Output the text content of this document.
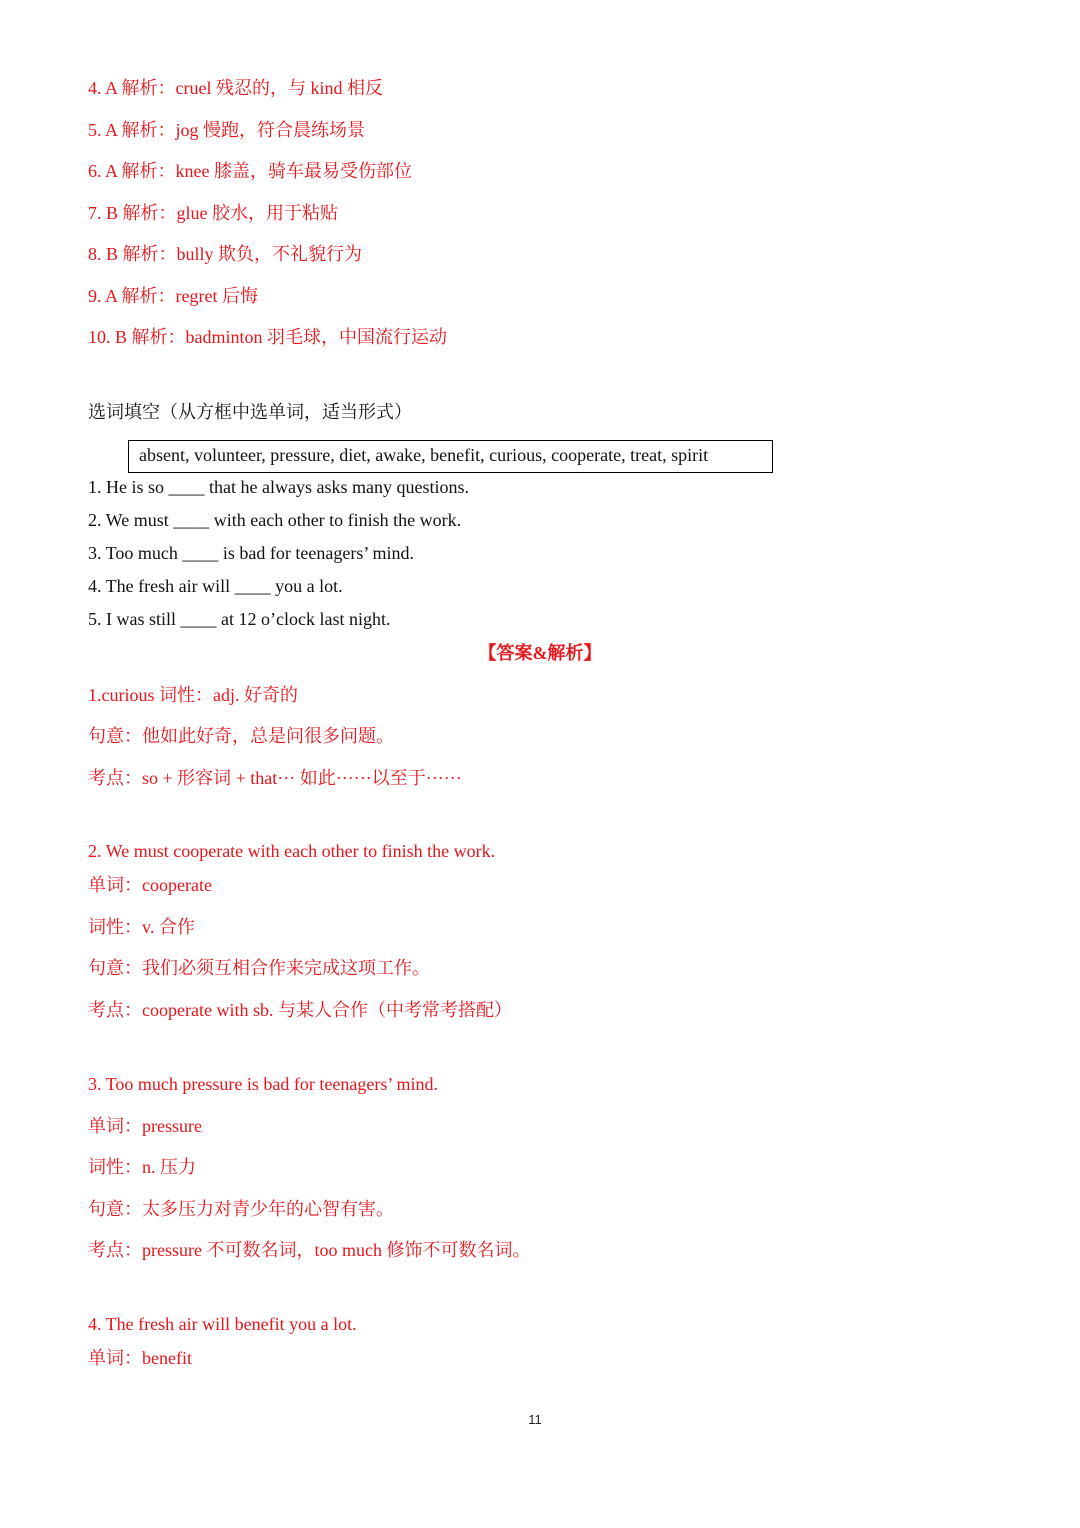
4. A 解析：cruel 残忍的，与 kind 相反
5. A 解析：jog 慢跑，符合晨练场景
6. A 解析：knee 膝盖，骑车最易受伤部位
7. B 解析：glue 胶水，用于粘贴
8. B 解析：bully 欺负，不礼貌行为
9. A 解析：regret 后悔
10. B 解析：badminton 羽毛球，中国流行运动
选词填空（从方框中选单词，适当形式）
absent, volunteer, pressure, diet, awake, benefit, curious, cooperate, treat, spirit
1. He is so ____ that he always asks many questions.
2. We must ____ with each other to finish the work.
3. Too much ____ is bad for teenagers’ mind.
4. The fresh air will ____ you a lot.
5. I was still ____ at 12 o’clock last night.
【答案&解析】
1.curious 词性：adj. 好奇的
句意：他如此好奇，总是问很多问题。
考点：so + 形容词 + that··· 如此······以至于······
2. We must cooperate with each other to finish the work.
单词：cooperate
词性：v. 合作
句意：我们必须互相合作来完成这项工作。
考点：cooperate with sb. 与某人合作（中考常考搭配）
3. Too much pressure is bad for teenagers’ mind.
单词：pressure
词性：n. 压力
句意：太多压力对青少年的心智有害。
考点：pressure 不可数名词，too much 修饰不可数名词。
4. The fresh air will benefit you a lot.
单词：benefit
11
